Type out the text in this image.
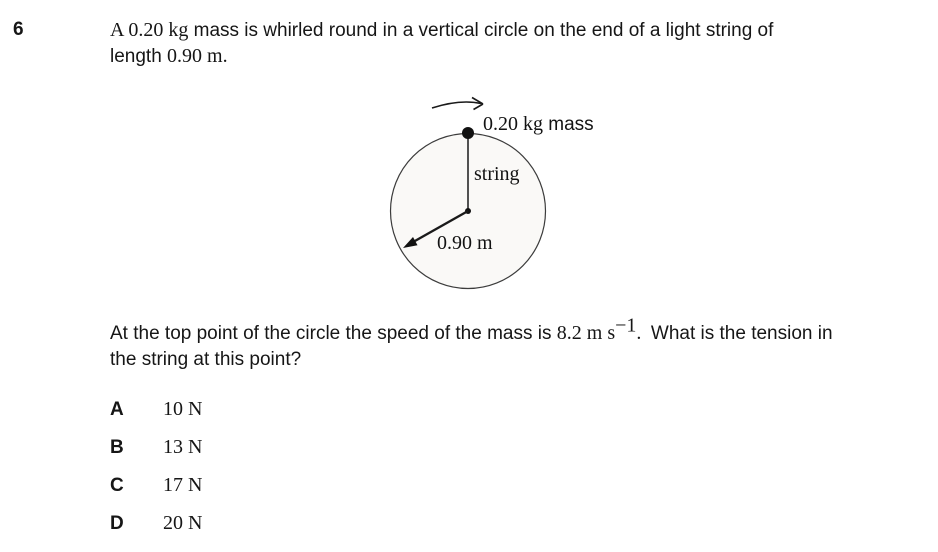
6	A 0.20 kg mass is whirled round in a vertical circle on the end of a light string of
length 0.90 m.
0.20 kg mass
string
0.90 m
At the top point of the circle the speed of the mass is 8.2 m $s^{-1}$. What is the tension in
the string at this point?
A	10 N
B	13 N
C	17 N
D	20 N
